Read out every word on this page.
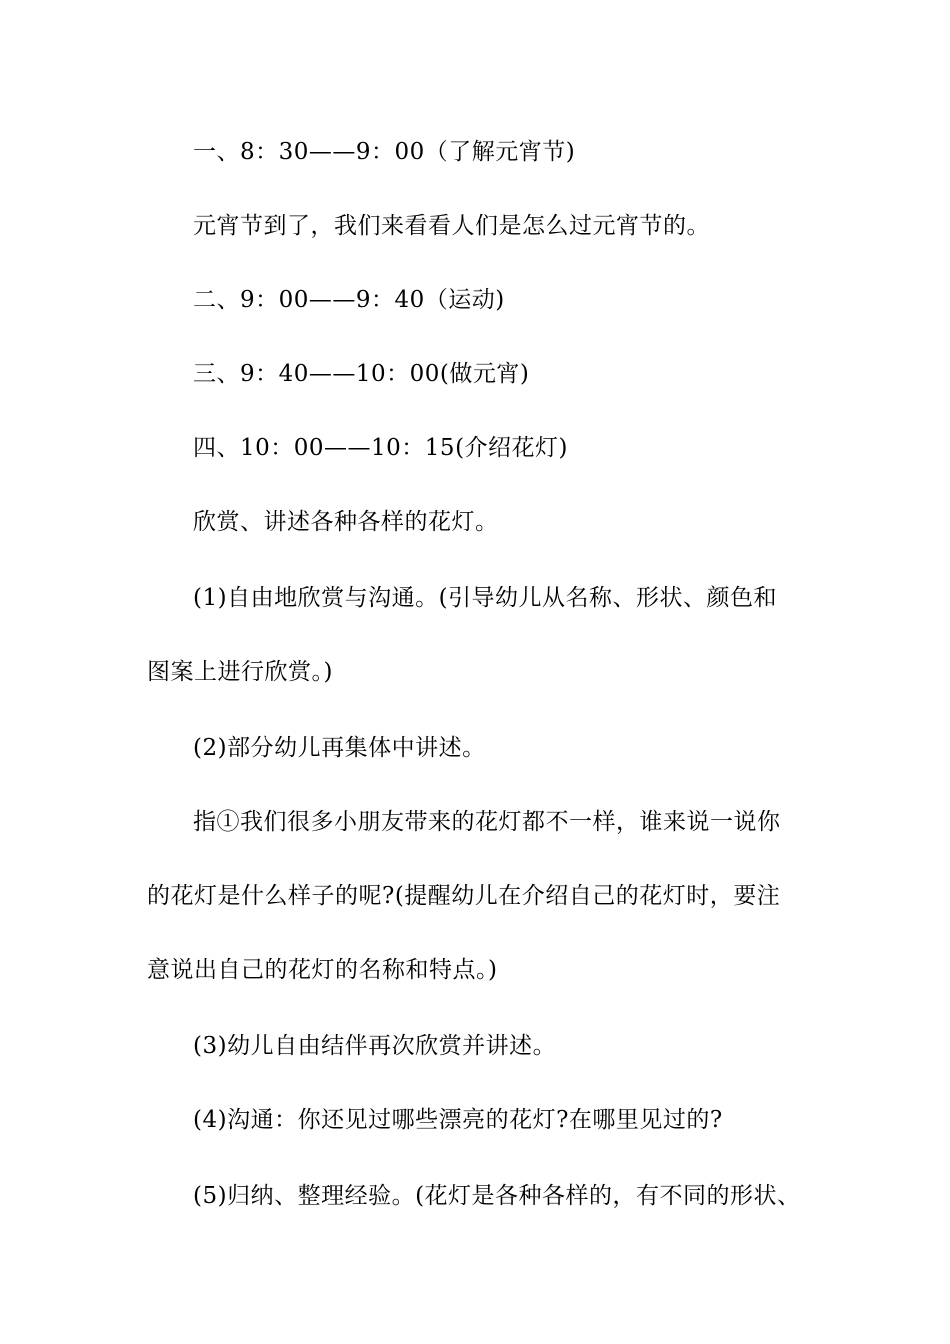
一、8：30——9：00（了解元宵节)
元宵节到了，我们来看看人们是怎么过元宵节的。
二、9：00——9：40（运动)
三、9：40——10：00(做元宵)
四、10：00——10：15(介绍花灯)
欣赏、讲述各种各样的花灯。
(1)自由地欣赏与沟通。(引导幼儿从名称、形状、颜色和
图案上进行欣赏。)
(2)部分幼儿再集体中讲述。
指①我们很多小朋友带来的花灯都不一样，谁来说一说你
的花灯是什么样子的呢?(提醒幼儿在介绍自己的花灯时，要注
意说出自己的花灯的名称和特点。)
(3)幼儿自由结伴再次欣赏并讲述。
(4)沟通：你还见过哪些漂亮的花灯?在哪里见过的?
(5)归纳、整理经验。(花灯是各种各样的，有不同的形状、
